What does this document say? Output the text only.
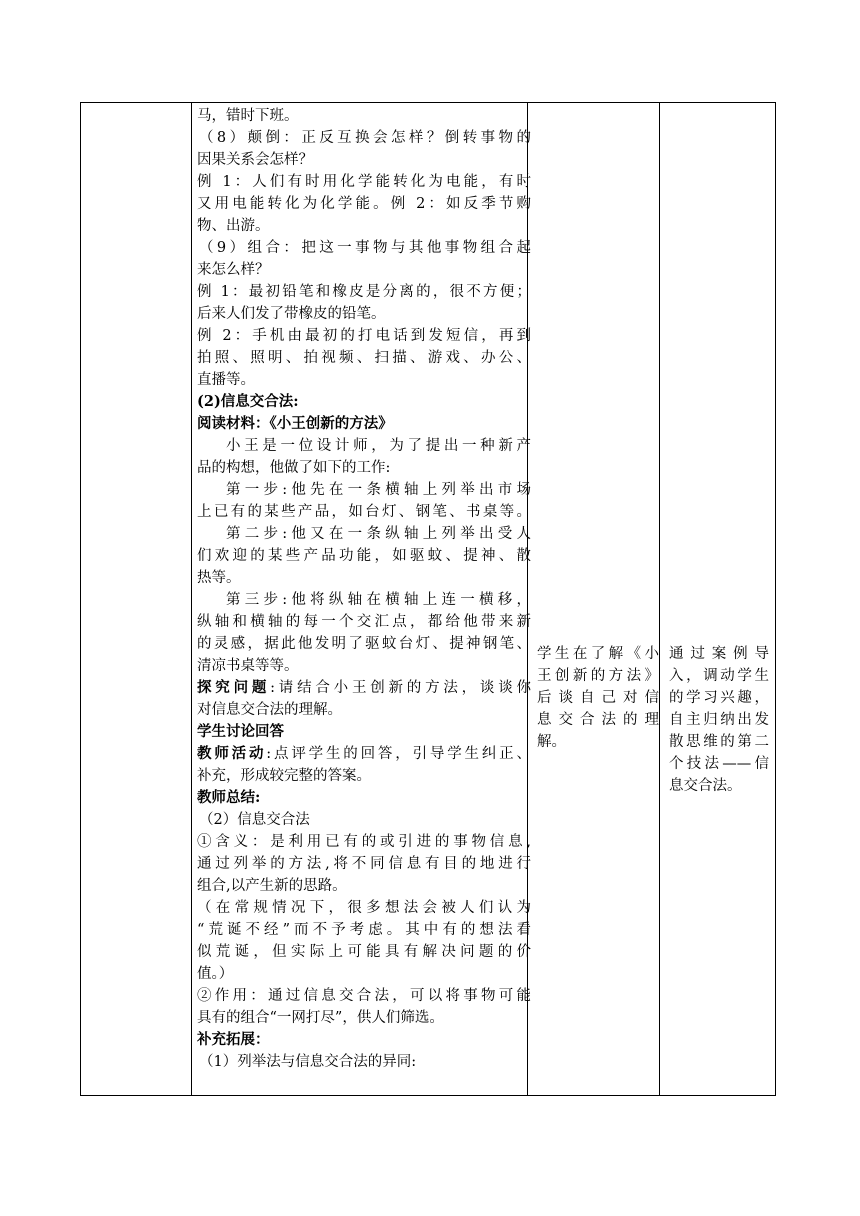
马，错时下班。
（8）颠倒：正反互换会怎样？倒转事物的
因果关系会怎样？
例 1：人们有时用化学能转化为电能，有时
又用电能转化为化学能。例 2：如反季节购
物、出游。
（9）组合：把这一事物与其他事物组合起
来怎么样？
例 1：最初铅笔和橡皮是分离的，很不方便；
后来人们发了带橡皮的铅笔。
例 2：手机由最初的打电话到发短信，再到
拍照、照明、拍视频、扫描、游戏、办公、
直播等。
(2)信息交合法:
阅读材料：《小王创新的方法》
小王是一位设计师，为了提出一种新产
品的构想，他做了如下的工作:
第一步:他先在一条横轴上列举出市场
上已有的某些产品，如台灯、钢笔、书桌等。
第二步:他又在一条纵轴上列举出受人
们欢迎的某些产品功能，如驱蚊、提神、散
热等。
第三步:他将纵轴在横轴上连一横移，
纵轴和横轴的每一个交汇点，都给他带来新
的灵感，据此他发明了驱蚊台灯、提神钢笔、
清凉书桌等等。
探究问题:请结合小王创新的方法，谈谈你
对信息交合法的理解。
学生讨论回答
教师活动:点评学生的回答，引导学生纠正、
补充，形成较完整的答案。
教师总结:
（2）信息交合法
①含义：是利用已有的或引进的事物信息,
通过列举的方法,将不同信息有目的地进行
组合,以产生新的思路。
（在常规情况下，很多想法会被人们认为
“荒诞不经”而不予考虑。其中有的想法看
似荒诞，但实际上可能具有解决问题的价
值。）
②作用：通过信息交合法，可以将事物可能
具有的组合“一网打尽”，供人们筛选。
补充拓展：
（1）列举法与信息交合法的异同:
学生在了解《小
王创新的方法》
后谈自己对信
息交合法的理
解。
通过案例导
入，调动学生
的学习兴趣，
自主归纳出发
散思维的第二
个技法——信
息交合法。
